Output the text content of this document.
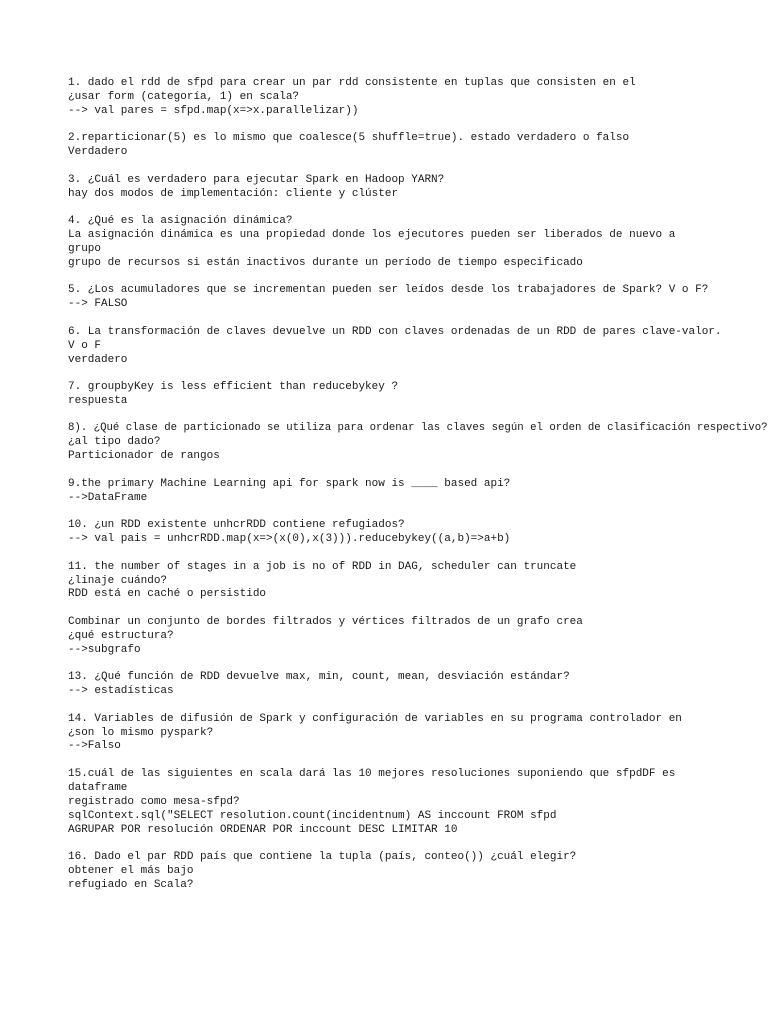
1. dado el rdd de sfpd para crear un par rdd consistente en tuplas que consisten en el
¿usar form (categoría, 1) en scala?
--> val pares = sfpd.map(x=>x.parallelizar))
2.reparticionar(5) es lo mismo que coalesce(5 shuffle=true). estado verdadero o falso
Verdadero
3. ¿Cuál es verdadero para ejecutar Spark en Hadoop YARN?
hay dos modos de implementación: cliente y clúster
4. ¿Qué es la asignación dinámica?
La asignación dinámica es una propiedad donde los ejecutores pueden ser liberados de nuevo a
grupo
grupo de recursos si están inactivos durante un período de tiempo especificado
5. ¿Los acumuladores que se incrementan pueden ser leídos desde los trabajadores de Spark? V o F?
--> FALSO
6. La transformación de claves devuelve un RDD con claves ordenadas de un RDD de pares clave-valor.
V o F
verdadero
7. groupbyKey is less efficient than reducebykey ?
respuesta
8). ¿Qué clase de particionado se utiliza para ordenar las claves según el orden de clasificación respectivo?
¿al tipo dado?
Particionador de rangos
9.the primary Machine Learning api for spark now is ____ based api?
-->DataFrame
10. ¿un RDD existente unhcrRDD contiene refugiados?
--> val pais = unhcrRDD.map(x=>(x(0),x(3))).reducebykey((a,b)=>a+b)
11. the number of stages in a job is no of RDD in DAG, scheduler can truncate
¿linaje cuándo?
RDD está en caché o persistido
Combinar un conjunto de bordes filtrados y vértices filtrados de un grafo crea
¿qué estructura?
-->subgrafo
13. ¿Qué función de RDD devuelve max, min, count, mean, desviación estándar?
--> estadísticas
14. Variables de difusión de Spark y configuración de variables en su programa controlador en
¿son lo mismo pyspark?
-->Falso
15.cuál de las siguientes en scala dará las 10 mejores resoluciones suponiendo que sfpdDF es
dataframe
registrado como mesa-sfpd?
sqlContext.sql("SELECT resolution.count(incidentnum) AS inccount FROM sfpd
AGRUPAR POR resolución ORDENAR POR inccount DESC LIMITAR 10
16. Dado el par RDD país que contiene la tupla (país, conteo()) ¿cuál elegir?
obtener el más bajo
refugiado en Scala?
